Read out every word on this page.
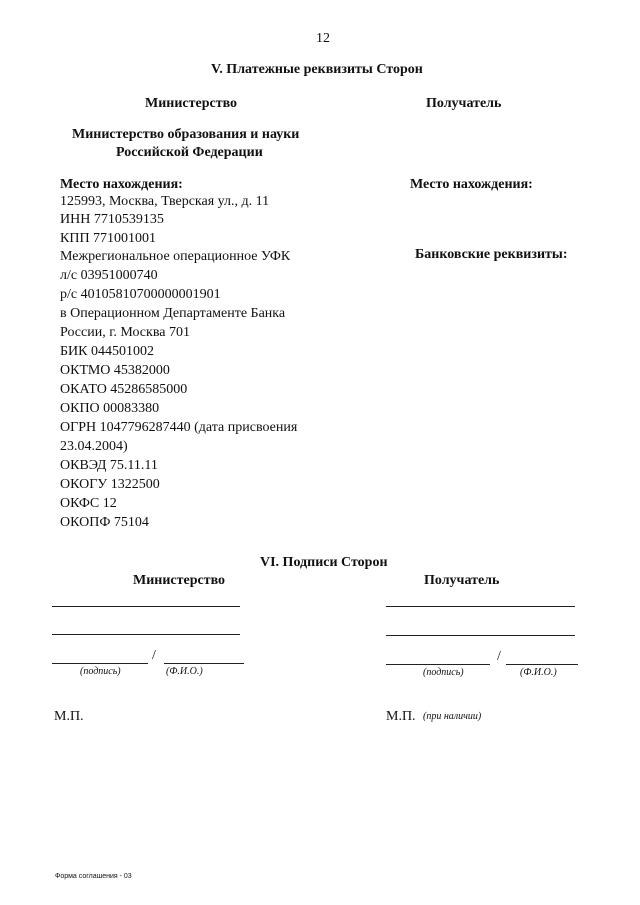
12
V. Платежные реквизиты Сторон
Министерство	Получатель
Министерство образования и науки
Российской Федерации
Место нахождения:	Место нахождения:
Банковские реквизиты:
125993, Москва, Тверская ул., д. 11
ИНН 7710539135
КПП 771001001
Межрегиональное операционное УФК
л/с 03951000740
р/с 40105810700000001901
в Операционном Департаменте Банка
России, г. Москва 701
БИК 044501002
ОКТМО 45382000
ОКАТО 45286585000
ОКПО 00083380
ОГРН 1047796287440 (дата присвоения
23.04.2004)
ОКВЭД 75.11.11
ОКОГУ 1322500
ОКФС 12
ОКОПФ 75104
VI. Подписи Сторон
Министерство	Получатель
/
(подпись)	(Ф.И.О.)
/
(подпись)	(Ф.И.О.)
М.П.	М.П. (при наличии)
Форма соглашения - 03
